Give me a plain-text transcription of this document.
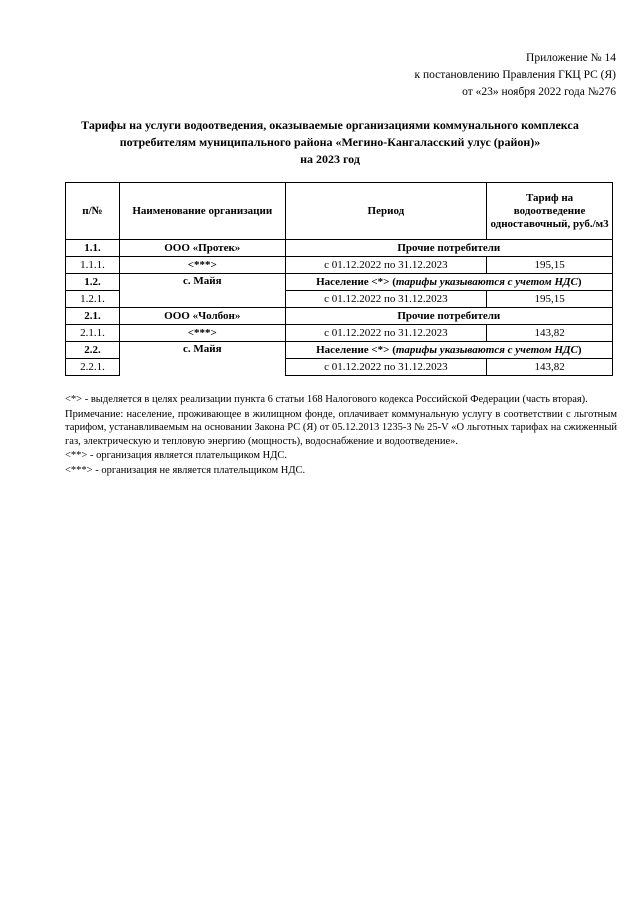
Приложение № 14
к постановлению Правления ГКЦ РС (Я)
от «23» ноября 2022 года №276
Тарифы на услуги водоотведения, оказываемые организациями коммунального комплекса
потребителям муниципального района «Мегино-Кангаласский улус (район)»
на 2023 год
п/№	Наименование организации	Период	Тариф на водоотведение одноставочный, руб./м3
1.1.	ООО «Протек»	Прочие потребители	
1.1.1.	<***>	с 01.12.2022 по 31.12.2023	195,15
1.2.	с. Майя	Население <*> (тарифы указываются с учетом НДС)	
1.2.1.		с 01.12.2022 по 31.12.2023	195,15
2.1.	ООО «Чолбон»	Прочие потребители	
2.1.1.	<***>	с 01.12.2022 по 31.12.2023	143,82
2.2.	с. Майя	Население <*> (тарифы указываются с учетом НДС)	
2.2.1.		с 01.12.2022 по 31.12.2023	143,82

<*> - выделяется в целях реализации пункта 6 статьи 168 Налогового кодекса Российской Федерации (часть вторая).

Примечание: население, проживающее в жилищном фонде, оплачивает коммунальную услугу в соответствии с льготным тарифом, устанавливаемым на основании Закона РС (Я) от 05.12.2013 1235-З № 25-V «О льготных тарифах на сжиженный газ, электрическую и тепловую энергию (мощность), водоснабжение и водоотведение».

<**> - организация является плательщиком НДС.

<***> - организация не является плательщиком НДС.
